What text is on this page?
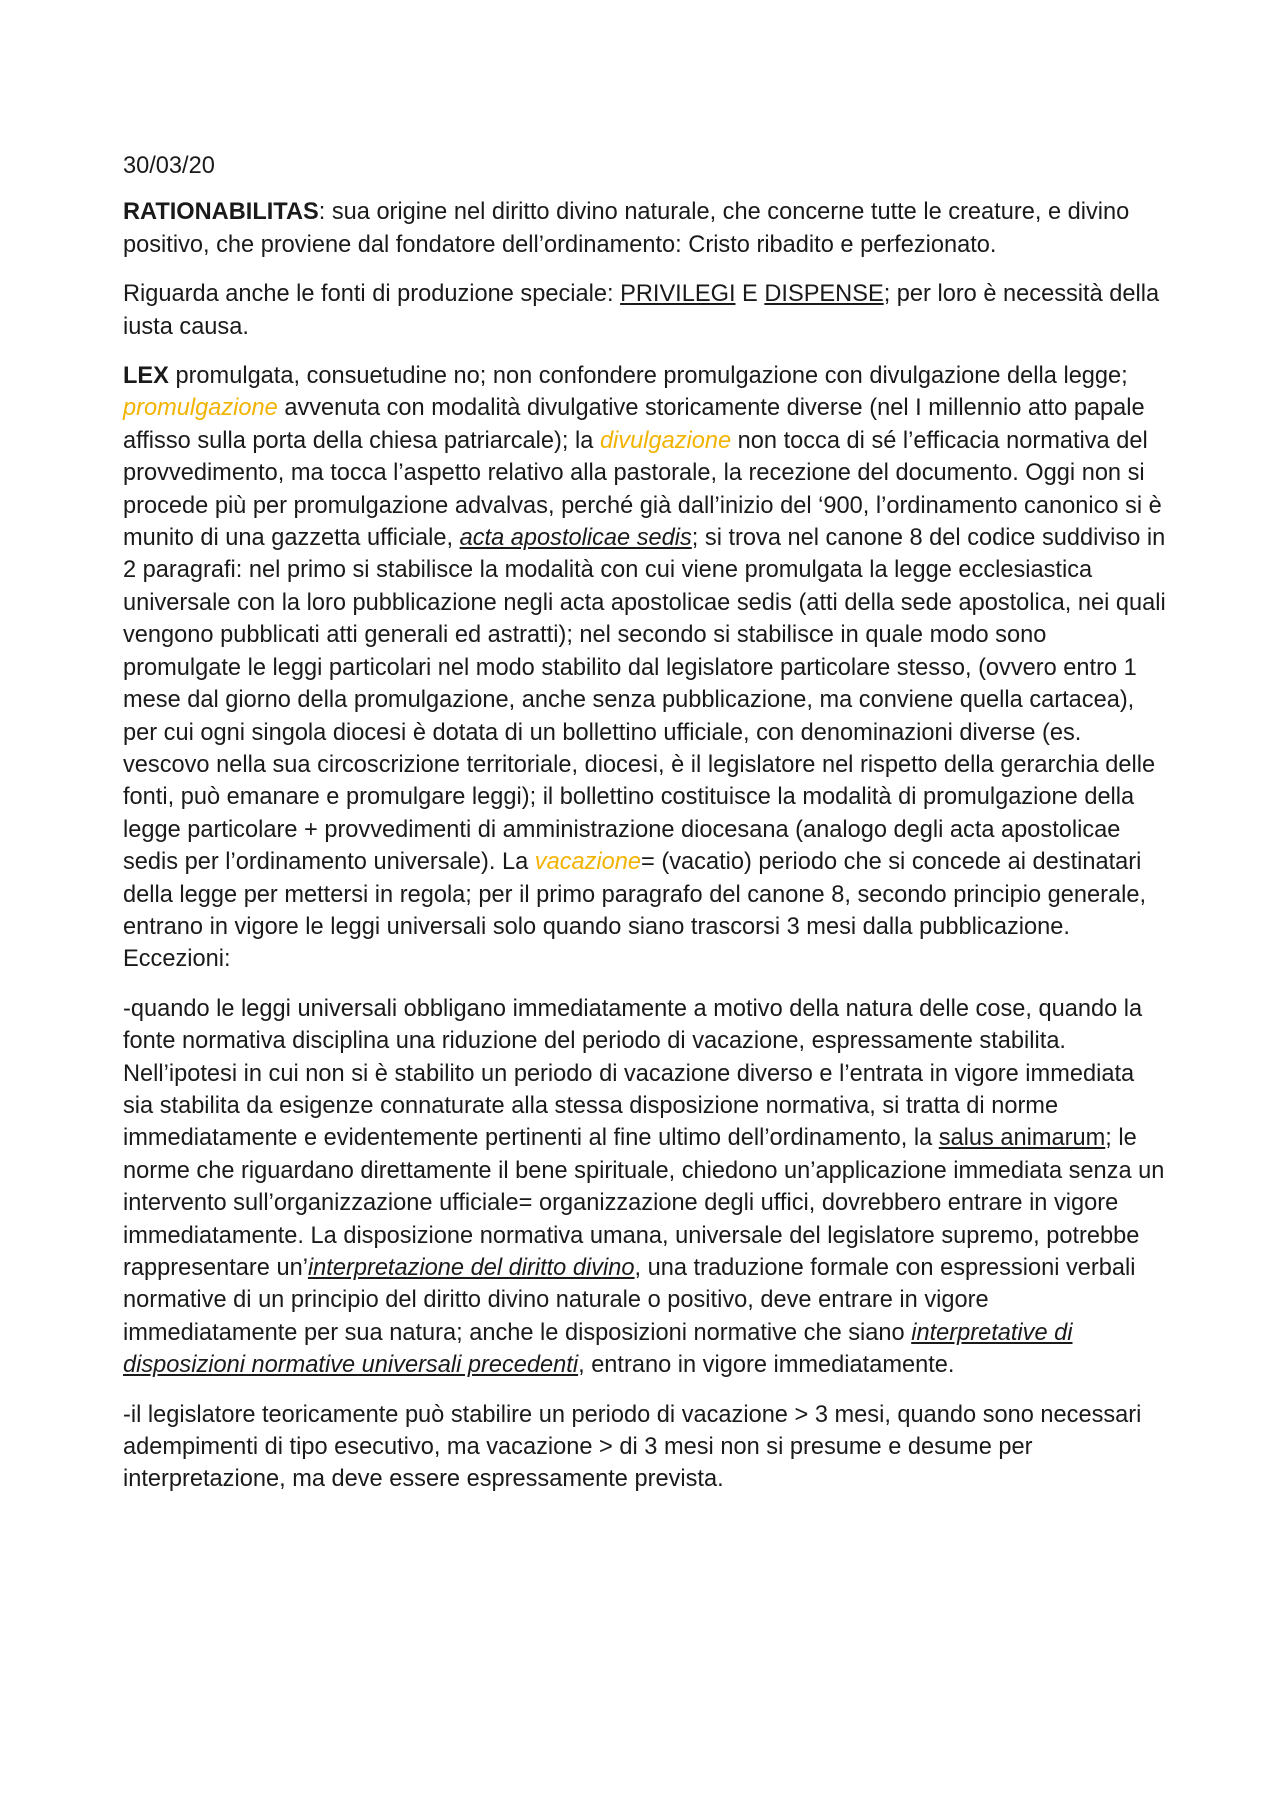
30/03/20

RATIONABILITAS: sua origine nel diritto divino naturale, che concerne tutte le creature, e divino positivo, che proviene dal fondatore dell’ordinamento: Cristo ribadito e perfezionato.

Riguarda anche le fonti di produzione speciale: PRIVILEGI E DISPENSE; per loro è necessità della iusta causa.

LEX promulgata, consuetudine no; non confondere promulgazione con divulgazione della legge; promulgazione avvenuta con modalità divulgative storicamente diverse (nel I millennio atto papale affisso sulla porta della chiesa patriarcale); la divulgazione non tocca di sé l’efficacia normativa del provvedimento, ma tocca l’aspetto relativo alla pastorale, la recezione del documento. Oggi non si procede più per promulgazione advalvas, perché già dall’inizio del ‘900, l’ordinamento canonico si è munito di una gazzetta ufficiale, acta apostolicae sedis; si trova nel canone 8 del codice suddiviso in 2 paragrafi: nel primo si stabilisce la modalità con cui viene promulgata la legge ecclesiastica universale con la loro pubblicazione negli acta apostolicae sedis (atti della sede apostolica, nei quali vengono pubblicati atti generali ed astratti); nel secondo si stabilisce in quale modo sono promulgate le leggi particolari nel modo stabilito dal legislatore particolare stesso, (ovvero entro 1 mese dal giorno della promulgazione, anche senza pubblicazione, ma conviene quella cartacea), per cui ogni singola diocesi è dotata di un bollettino ufficiale, con denominazioni diverse (es. vescovo nella sua circoscrizione territoriale, diocesi, è il legislatore nel rispetto della gerarchia delle fonti, può emanare e promulgare leggi); il bollettino costituisce la modalità di promulgazione della legge particolare + provvedimenti di amministrazione diocesana (analogo degli acta apostolicae sedis per l’ordinamento universale). La vacazione= (vacatio) periodo che si concede ai destinatari della legge per mettersi in regola; per il primo paragrafo del canone 8, secondo principio generale, entrano in vigore le leggi universali solo quando siano trascorsi 3 mesi dalla pubblicazione. Eccezioni:

-quando le leggi universali obbligano immediatamente a motivo della natura delle cose, quando la fonte normativa disciplina una riduzione del periodo di vacazione, espressamente stabilita. Nell’ipotesi in cui non si è stabilito un periodo di vacazione diverso e l’entrata in vigore immediata sia stabilita da esigenze connaturate alla stessa disposizione normativa, si tratta di norme immediatamente e evidentemente pertinenti al fine ultimo dell’ordinamento, la salus animarum; le norme che riguardano direttamente il bene spirituale, chiedono un’applicazione immediata senza un intervento sull’organizzazione ufficiale= organizzazione degli uffici, dovrebbero entrare in vigore immediatamente. La disposizione normativa umana, universale del legislatore supremo, potrebbe rappresentare un’interpretazione del diritto divino, una traduzione formale con espressioni verbali normative di un principio del diritto divino naturale o positivo, deve entrare in vigore immediatamente per sua natura; anche le disposizioni normative che siano interpretative di disposizioni normative universali precedenti, entrano in vigore immediatamente.

-il legislatore teoricamente può stabilire un periodo di vacazione > 3 mesi, quando sono necessari adempimenti di tipo esecutivo, ma vacazione > di 3 mesi non si presume e desume per interpretazione, ma deve essere espressamente prevista.
